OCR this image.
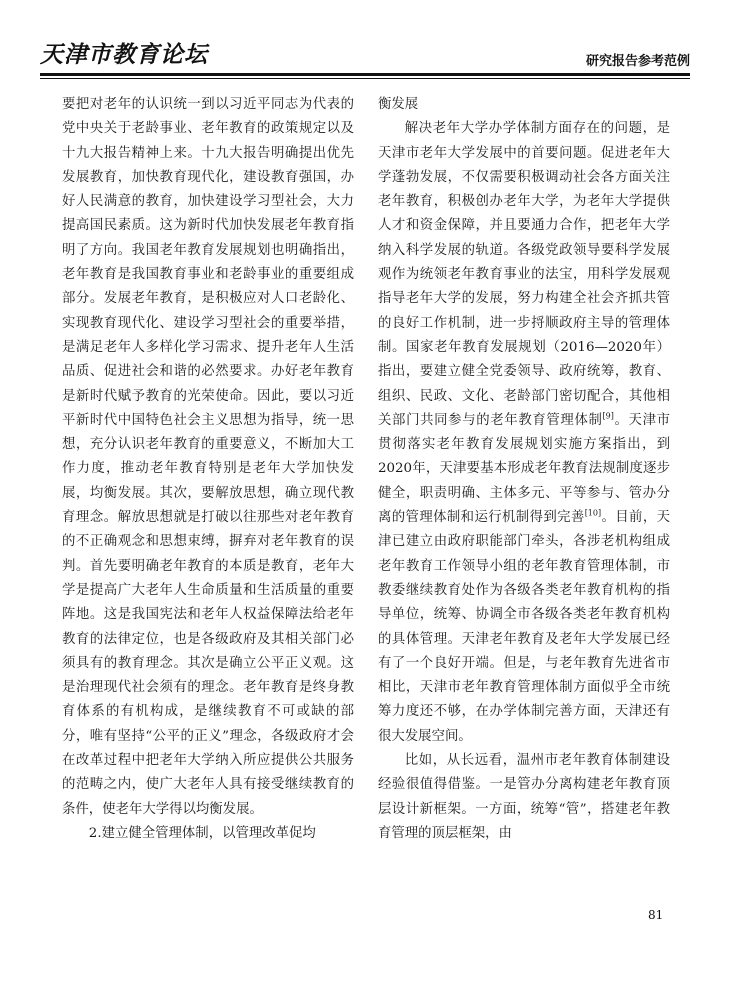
天津市教育论坛	研究报告参考范例

要把对老年的认识统一到以习近平同志为代表的党中央关于老龄事业、老年教育的政策规定以及十九大报告精神上来。十九大报告明确提出优先发展教育，加快教育现代化，建设教育强国，办好人民满意的教育，加快建设学习型社会，大力提高国民素质。这为新时代加快发展老年教育指明了方向。我国老年教育发展规划也明确指出，老年教育是我国教育事业和老龄事业的重要组成部分。发展老年教育，是积极应对人口老龄化、实现教育现代化、建设学习型社会的重要举措，是满足老年人多样化学习需求、提升老年人生活品质、促进社会和谐的必然要求。办好老年教育是新时代赋予教育的光荣使命。因此，要以习近平新时代中国特色社会主义思想为指导，统一思想，充分认识老年教育的重要意义，不断加大工作力度，推动老年教育特别是老年大学加快发展，均衡发展。其次，要解放思想，确立现代教育理念。解放思想就是打破以往那些对老年教育的不正确观念和思想束缚，摒弃对老年教育的误判。首先要明确老年教育的本质是教育，老年大学是提高广大老年人生命质量和生活质量的重要阵地。这是我国宪法和老年人权益保障法给老年教育的法律定位，也是各级政府及其相关部门必须具有的教育理念。其次是确立公平正义观。这是治理现代社会须有的理念。老年教育是终身教育体系的有机构成，是继续教育不可或缺的部分，唯有坚持“公平的正义”理念，各级政府才会在改革过程中把老年大学纳入所应提供公共服务的范畴之内，使广大老年人具有接受继续教育的条件，使老年大学得以均衡发展。

2.建立健全管理体制，以管理改革促均

衡发展

解决老年大学办学体制方面存在的问题，是天津市老年大学发展中的首要问题。促进老年大学蓬勃发展，不仅需要积极调动社会各方面关注老年教育，积极创办老年大学，为老年大学提供人才和资金保障，并且要通力合作，把老年大学纳入科学发展的轨道。各级党政领导要科学发展观作为统领老年教育事业的法宝，用科学发展观指导老年大学的发展，努力构建全社会齐抓共管的良好工作机制，进一步捋顺政府主导的管理体制。国家老年教育发展规划（2016—2020年）指出，要建立健全党委领导、政府统筹，教育、组织、民政、文化、老龄部门密切配合，其他相关部门共同参与的老年教育管理体制[9]。天津市贯彻落实老年教育发展规划实施方案指出，到2020年，天津要基本形成老年教育法规制度逐步健全，职责明确、主体多元、平等参与、管办分离的管理体制和运行机制得到完善[10]。目前，天津已建立由政府职能部门牵头，各涉老机构组成老年教育工作领导小组的老年教育管理体制，市教委继续教育处作为各级各类老年教育机构的指导单位，统筹、协调全市各级各类老年教育机构的具体管理。天津老年教育及老年大学发展已经有了一个良好开端。但是，与老年教育先进省市相比，天津市老年教育管理体制方面似乎全市统筹力度还不够，在办学体制完善方面，天津还有很大发展空间。

比如，从长远看，温州市老年教育体制建设经验很值得借鉴。一是管办分离构建老年教育顶层设计新框架。一方面，统筹“管”，搭建老年教育管理的顶层框架，由

81
